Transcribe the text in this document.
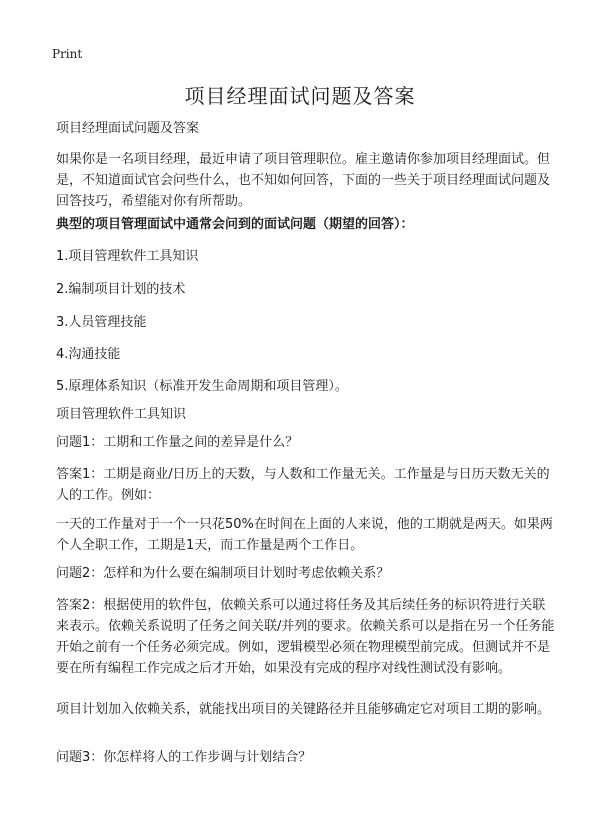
Print
项目经理面试问题及答案

项目经理面试问题及答案

如果你是一名项目经理，最近申请了项目管理职位。雇主邀请你参加项目经理面试。但是，不知道面试官会问些什么，也不知如何回答，下面的一些关于项目经理面试问题及回答技巧，希望能对你有所帮助。

典型的项目管理面试中通常会问到的面试问题（期望的回答）：

1.项目管理软件工具知识

2.编制项目计划的技术

3.人员管理技能

4.沟通技能

5.原理体系知识（标准开发生命周期和项目管理）。

项目管理软件工具知识

问题1：工期和工作量之间的差异是什么？

答案1：工期是商业/日历上的天数，与人数和工作量无关。工作量是与日历天数无关的人的工作。例如：

一天的工作量对于一个一只花50%在时间在上面的人来说，他的工期就是两天。如果两个人全职工作，工期是1天，而工作量是两个工作日。

问题2：怎样和为什么要在编制项目计划时考虑依赖关系？

答案2：根据使用的软件包，依赖关系可以通过将任务及其后续任务的标识符进行关联来表示。依赖关系说明了任务之间关联/并列的要求。依赖关系可以是指在另一个任务能开始之前有一个任务必须完成。例如，逻辑模型必须在物理模型前完成。但测试并不是要在所有编程工作完成之后才开始，如果没有完成的程序对线性测试没有影响。

项目计划加入依赖关系，就能找出项目的关键路径并且能够确定它对项目工期的影响。

问题3：你怎样将人的工作步调与计划结合？
